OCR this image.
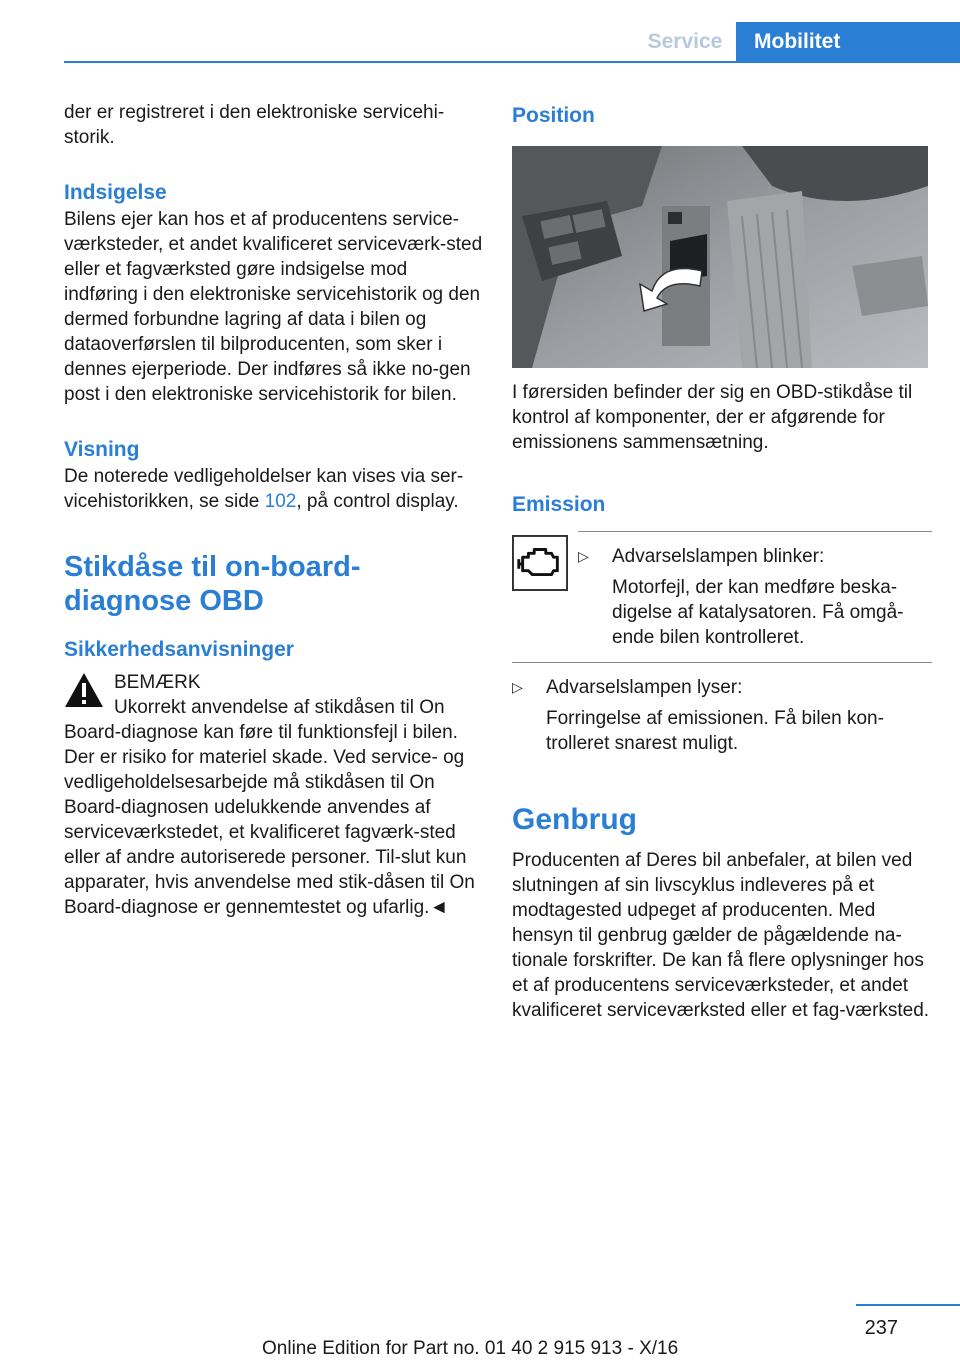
Service	Mobilitet

der er registreret i den elektroniske servicehi‐storik.

Indsigelse

Bilens ejer kan hos et af producentens service‐værksteder, et andet kvalificeret serviceværk‐sted eller et fagværksted gøre indsigelse mod indføring i den elektroniske servicehistorik og den dermed forbundne lagring af data i bilen og dataoverførslen til bilproducenten, som sker i dennes ejerperiode. Der indføres så ikke no‐gen post i den elektroniske servicehistorik for bilen.

Visning

De noterede vedligeholdelser kan vises via ser‐vicehistorikken, se side 102, på control display.

Stikdåse til on-board-
diagnose OBD
Sikkerhedsanvisninger

BEMÆRK

Ukorrekt anvendelse af stikdåsen til On Board-diagnose kan føre til funktionsfejl i bilen. Der er risiko for materiel skade. Ved service- og vedligeholdelsesarbejde må stikdåsen til On Board-diagnosen udelukkende anvendes af serviceværkstedet, et kvalificeret fagværk‐sted eller af andre autoriserede personer. Til‐slut kun apparater, hvis anvendelse med stik‐dåsen til On Board-diagnose er gennemtestet og ufarlig.◄

Position

I førersiden befinder der sig en OBD-stikdåse til kontrol af komponenter, der er afgørende for emissionens sammensætning.

Emission
▷ Advarselslampen blinker:

Motorfejl, der kan medføre beska‐digelse af katalysatoren. Få omgå‐ende bilen kontrolleret.

▷ Advarselslampen lyser:

Forringelse af emissionen. Få bilen kon‐trolleret snarest muligt.

Genbrug

Producenten af Deres bil anbefaler, at bilen ved slutningen af sin livscyklus indleveres på et modtagested udpeget af producenten. Med hensyn til genbrug gælder de pågældende na‐tionale forskrifter. De kan få flere oplysninger hos et af producentens serviceværksteder, et andet kvalificeret serviceværksted eller et fag‐værksted.

237
Online Edition for Part no. 01 40 2 915 913 - X/16
